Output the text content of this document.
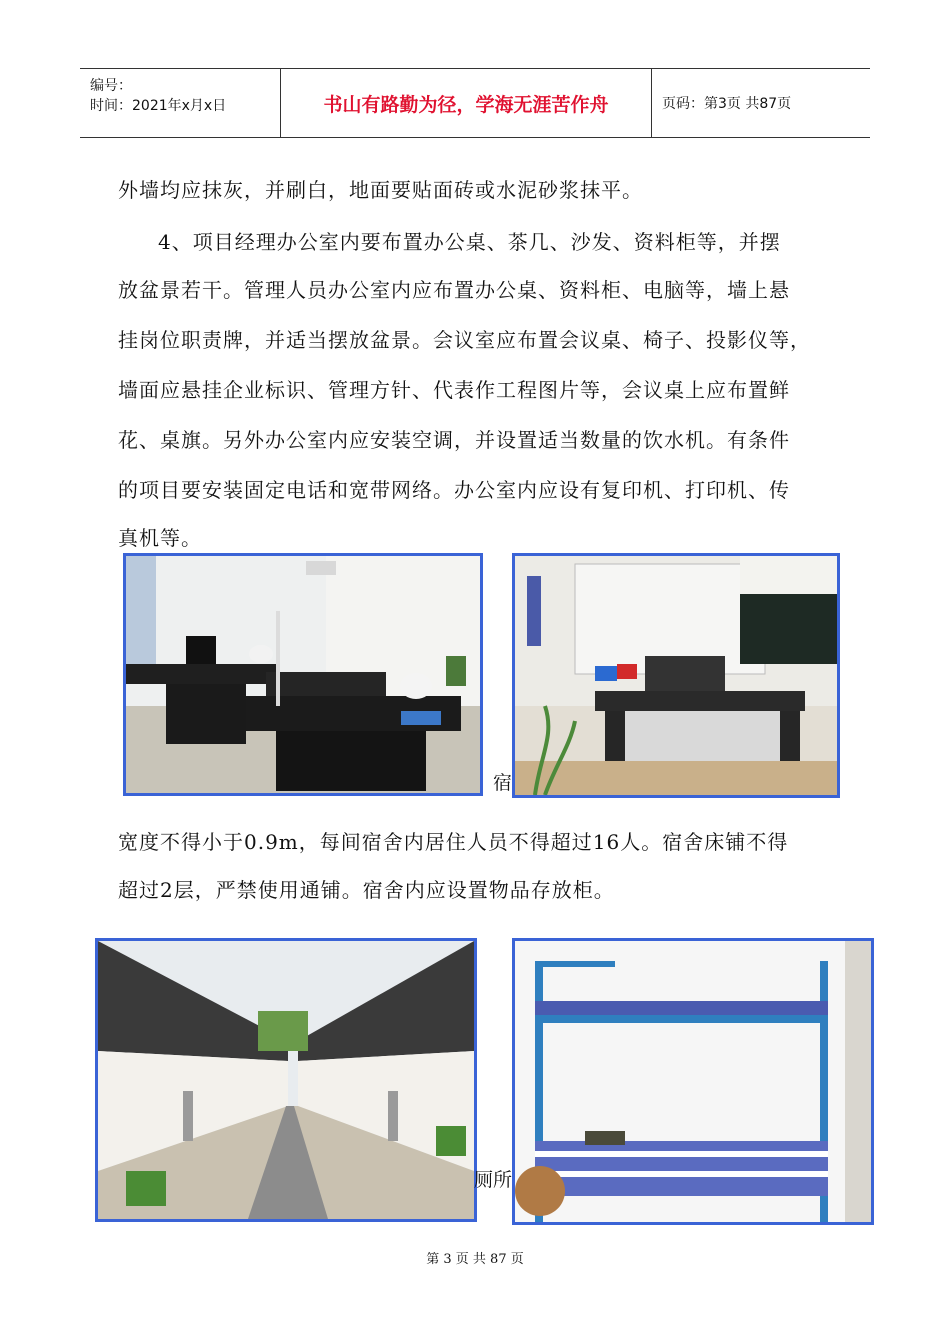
编号：
时间：2021年x月x日	书山有路勤为径，学海无涯苦作舟	页码：第3页 共87页
外墙均应抹灰，并刷白，地面要贴面砖或水泥砂浆抹平。
4、项目经理办公室内要布置办公桌、茶几、沙发、资料柜等，并摆
放盆景若干。管理人员办公室内应布置办公桌、资料柜、电脑等，墙上悬
挂岗位职责牌，并适当摆放盆景。会议室应布置会议桌、椅子、投影仪等，
墙面应悬挂企业标识、管理方针、代表作工程图片等，会议桌上应布置鲜
花、桌旗。另外办公室内应安装空调，并设置适当数量的饮水机。有条件
的项目要安装固定电话和宽带网络。办公室内应设有复印机、打印机、传
真机等。
宿
宽度不得小于0.9m，每间宿舍内居住人员不得超过16人。宿舍床铺不得
超过2层，严禁使用通铺。宿舍内应设置物品存放柜。
厕所
第 3 页 共 87 页
